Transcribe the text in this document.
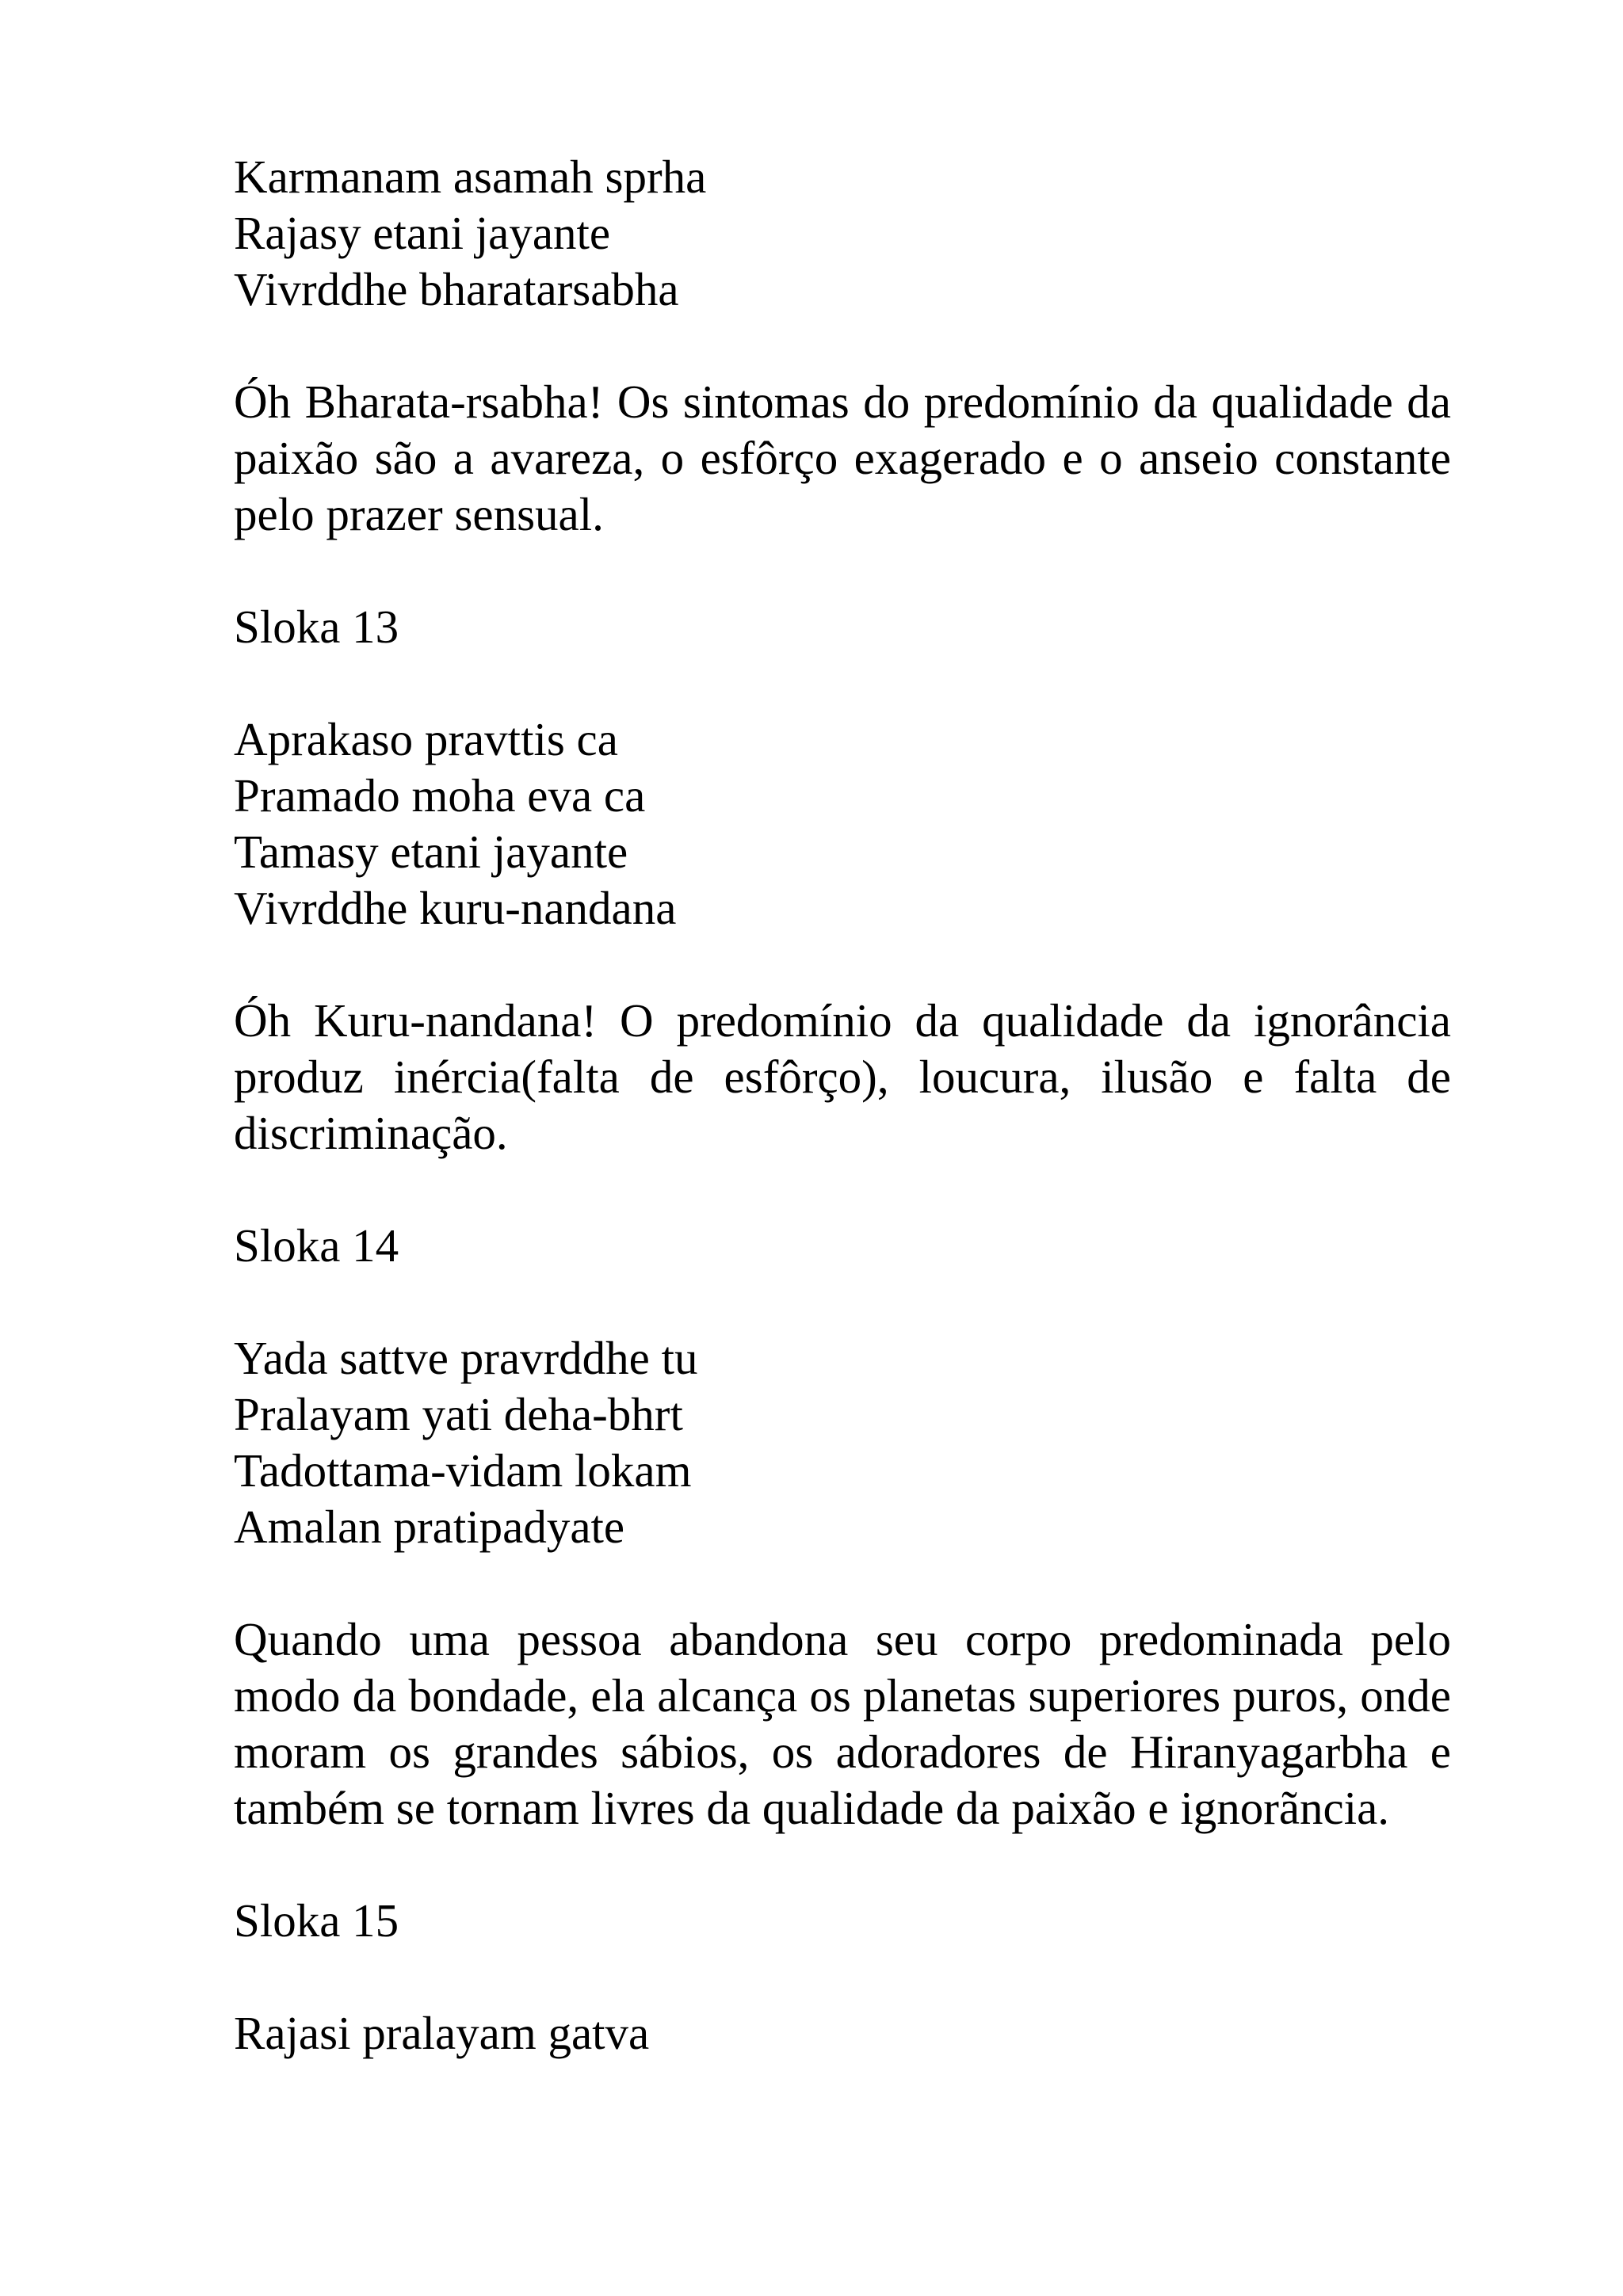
Karmanam asamah sprha
Rajasy etani jayante
Vivrddhe bharatarsabha

Óh Bharata-rsabha! Os sintomas do predomínio da qualidade da paixão são a avareza, o esfôrço exagerado e o anseio constante pelo prazer sensual.

Sloka 13
Aprakaso pravttis ca
Pramado moha eva ca
Tamasy etani jayante
Vivrddhe kuru-nandana

Óh Kuru-nandana! O predomínio da qualidade da ignorância produz inércia(falta de esfôrço), loucura, ilusão e falta de discriminação.

Sloka 14
Yada sattve pravrddhe tu
Pralayam yati deha-bhrt
Tadottama-vidam lokam
Amalan pratipadyate

Quando uma pessoa abandona seu corpo predominada pelo modo da bondade, ela alcança os planetas superiores puros, onde moram os grandes sábios, os adoradores de Hiranyagarbha e também se tornam livres da qualidade da paixão e ignorãncia.

Sloka 15
Rajasi pralayam gatva
